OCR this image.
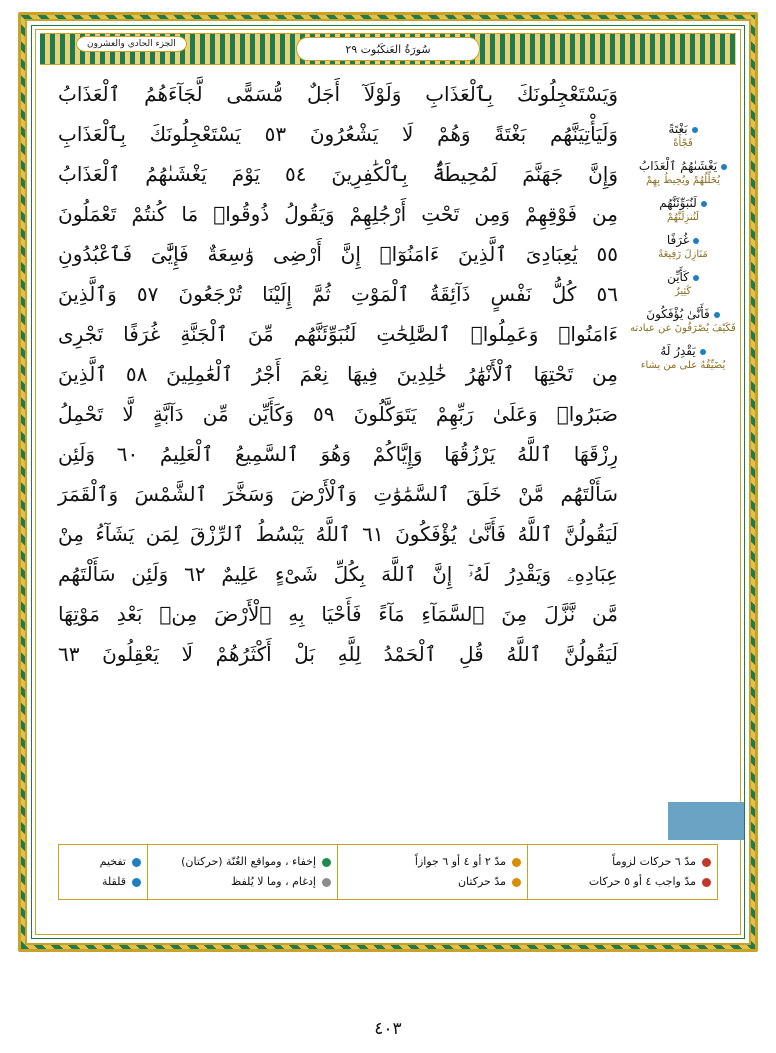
سُورَةُ العَنكَبُوت ٢٩
الجزء الحادي والعشرون

وَيَسْتَعْجِلُونَكَ بِٱلْعَذَابِ وَلَوْلَآ أَجَلٌ مُّسَمًّى لَّجَآءَهُمُ ٱلْعَذَابُ

وَلَيَأْتِيَنَّهُم بَغْتَةً وَهُمْ لَا يَشْعُرُونَ ٥٣ يَسْتَعْجِلُونَكَ بِٱلْعَذَابِ

وَإِنَّ جَهَنَّمَ لَمُحِيطَةٌۢ بِٱلْكَٰفِرِينَ ٥٤ يَوْمَ يَغْشَىٰهُمُ ٱلْعَذَابُ

مِن فَوْقِهِمْ وَمِن تَحْتِ أَرْجُلِهِمْ وَيَقُولُ ذُوقُوا۟ مَا كُنتُمْ تَعْمَلُونَ

٥٥ يَٰعِبَادِىَ ٱلَّذِينَ ءَامَنُوٓا۟ إِنَّ أَرْضِى وَٰسِعَةٌ فَإِيَّٰىَ فَٱعْبُدُونِ

٥٦ كُلُّ نَفْسٍ ذَآئِقَةُ ٱلْمَوْتِ ثُمَّ إِلَيْنَا تُرْجَعُونَ ٥٧ وَٱلَّذِينَ

ءَامَنُوا۟ وَعَمِلُوا۟ ٱلصَّٰلِحَٰتِ لَنُبَوِّئَنَّهُم مِّنَ ٱلْجَنَّةِ غُرَفًا تَجْرِى

مِن تَحْتِهَا ٱلْأَنْهَٰرُ خَٰلِدِينَ فِيهَا نِعْمَ أَجْرُ ٱلْعَٰمِلِينَ ٥٨ ٱلَّذِينَ

صَبَرُوا۟ وَعَلَىٰ رَبِّهِمْ يَتَوَكَّلُونَ ٥٩ وَكَأَيِّن مِّن دَآبَّةٍ لَّا تَحْمِلُ

رِزْقَهَا ٱللَّهُ يَرْزُقُهَا وَإِيَّاكُمْ وَهُوَ ٱلسَّمِيعُ ٱلْعَلِيمُ ٦٠ وَلَئِن

سَأَلْتَهُم مَّنْ خَلَقَ ٱلسَّمَٰوَٰتِ وَٱلْأَرْضَ وَسَخَّرَ ٱلشَّمْسَ وَٱلْقَمَرَ

لَيَقُولُنَّ ٱللَّهُ فَأَنَّىٰ يُؤْفَكُونَ ٦١ ٱللَّهُ يَبْسُطُ ٱلرِّزْقَ لِمَن يَشَآءُ مِنْ

عِبَادِهِۦ وَيَقْدِرُ لَهُۥٓ إِنَّ ٱللَّهَ بِكُلِّ شَىْءٍ عَلِيمٌ ٦٢ وَلَئِن سَأَلْتَهُم

مَّن نَّزَّلَ مِنَ ٱلسَّمَآءِ مَآءً فَأَحْيَا بِهِ ٱلْأَرْضَ مِنۢ بَعْدِ مَوْتِهَا

لَيَقُولُنَّ ٱللَّهُ قُلِ ٱلْحَمْدُ لِلَّهِ بَلْ أَكْثَرُهُمْ لَا يَعْقِلُونَ ٦٣

بَغْتَةً
فَجْأَةً
يَغْشَىٰهُمُ ٱلْعَذَابُ
يُحَلِّلُهُمْ ويُحِيطُ بِهِمْ
لَنُبَوِّئَنَّهُم
لَنُنزِلَنَّهُمْ
غُرَفًا
مَنَازِلَ رَفِيعَةً
كَأَيِّن
كَثِيرٌ
فَأَنَّىٰ يُؤْفَكُونَ
فَكَيْفَ يُصْرَفُونَ عن عبادته
يَقْدِرُ لَهُ
يُضَيِّقُهُ على من يشاء
مدّ ٦ حركات لزوماً
مدّ واجب ٤ أو ٥ حركات
مدّ ٢ أو ٤ أو ٦ جوازاً
مدّ حركتان
إخفاء ، ومواقع الغُنّة (حركتان)
إدغام ، وما لا يُلفظ
تفخيم
قلقلة
٤٠٣
